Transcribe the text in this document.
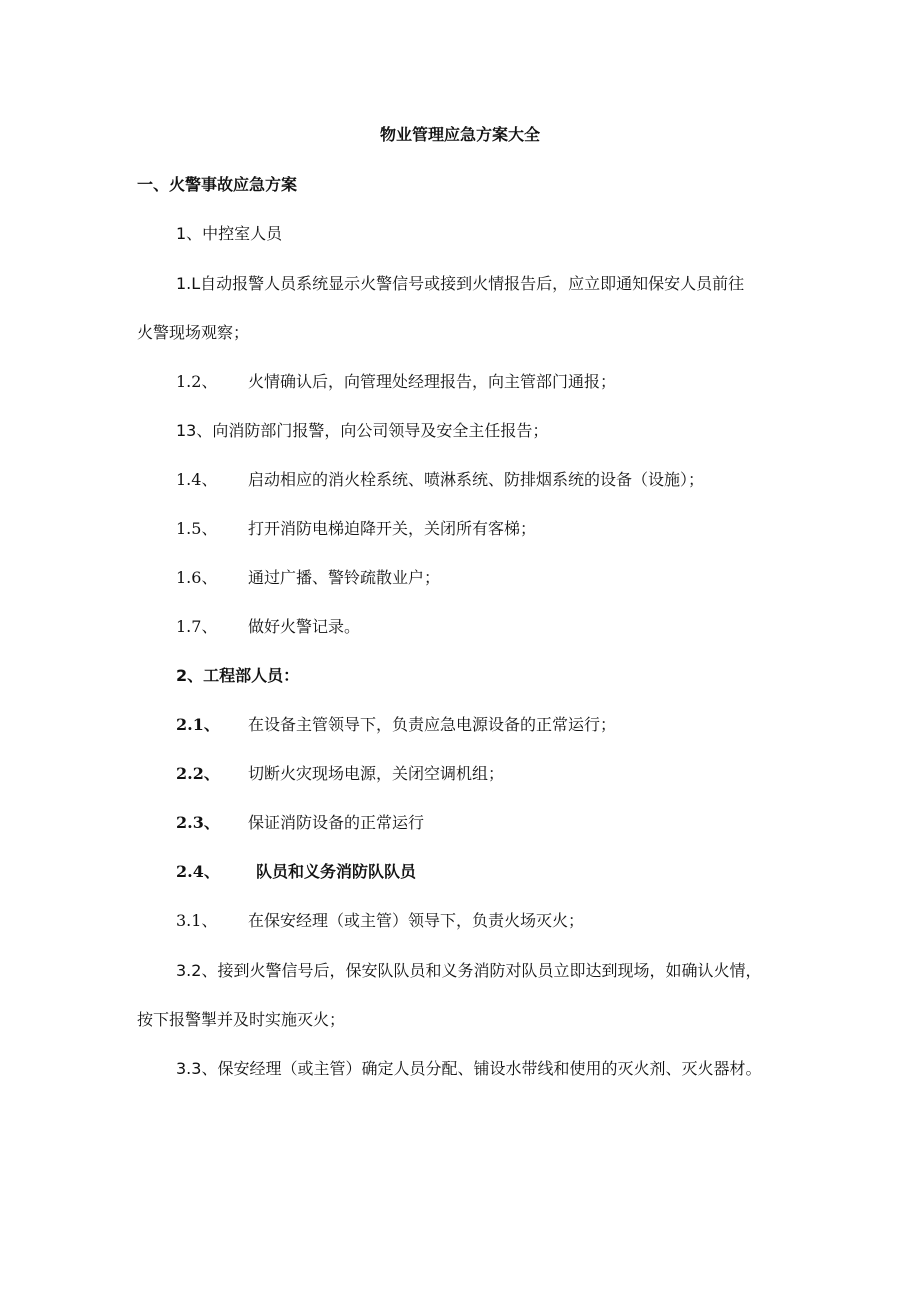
物业管理应急方案大全
一、火警事故应急方案
1、中控室人员
1.L自动报警人员系统显示火警信号或接到火情报告后，应立即通知保安人员前往
火警现场观察；
1.2、 火情确认后，向管理处经理报告，向主管部门通报；
13、向消防部门报警，向公司领导及安全主任报告；
1.4、 启动相应的消火栓系统、喷淋系统、防排烟系统的设备（设施）；
1.5、 打开消防电梯迫降开关，关闭所有客梯；
1.6、 通过广播、警铃疏散业户；
1.7、 做好火警记录。
2、工程部人员：
2.1、 在设备主管领导下，负责应急电源设备的正常运行；
2.2、 切断火灾现场电源，关闭空调机组；
2.3、 保证消防设备的正常运行
2.4、 队员和义务消防队队员
3.1、 在保安经理（或主管）领导下，负责火场灭火；
3.2、接到火警信号后，保安队队员和义务消防对队员立即达到现场，如确认火情，
按下报警掣并及时实施灭火；
3.3、保安经理（或主管）确定人员分配、铺设水带线和使用的灭火剂、灭火器材。
